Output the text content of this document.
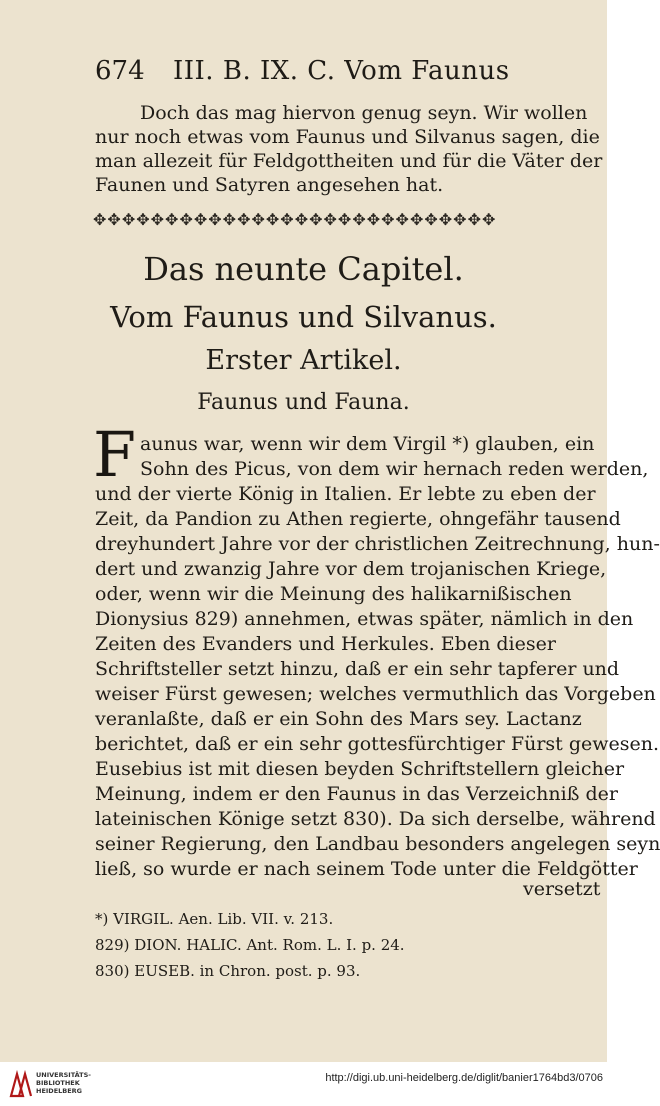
674 III. B. IX. C. Vom Faunus
Doch das mag hiervon genug seyn. Wir wollen
nur noch etwas vom Faunus und Silvanus sagen, die
man allezeit für Feldgottheiten und für die Väter der
Faunen und Satyren angesehen hat.
✥✥✥✥✥✥✥✥✥✥✥✥✥✥✥✥✥✥✥✥✥✥✥✥✥✥✥✥
Das neunte Capitel.
Vom Faunus und Silvanus.
Erster Artikel.
Faunus und Fauna.
F aunus war, wenn wir dem Virgil *) glauben, ein
Sohn des Picus, von dem wir hernach reden werden,
und der vierte König in Italien. Er lebte zu eben der
Zeit, da Pandion zu Athen regierte, ohngefähr tausend
dreyhundert Jahre vor der christlichen Zeitrechnung, hun-
dert und zwanzig Jahre vor dem trojanischen Kriege,
oder, wenn wir die Meinung des halikarnißischen
Dionysius 829) annehmen, etwas später, nämlich in den
Zeiten des Evanders und Herkules. Eben dieser
Schriftsteller setzt hinzu, daß er ein sehr tapferer und
weiser Fürst gewesen; welches vermuthlich das Vorgeben
veranlaßte, daß er ein Sohn des Mars sey. Lactanz
berichtet, daß er ein sehr gottesfürchtiger Fürst gewesen.
Eusebius ist mit diesen beyden Schriftstellern gleicher
Meinung, indem er den Faunus in das Verzeichniß der
lateinischen Könige setzt 830). Da sich derselbe, während
seiner Regierung, den Landbau besonders angelegen seyn
ließ, so wurde er nach seinem Tode unter die Feldgötter
versetzt
*) VIRGIL. Aen. Lib. VII. v. 213.
829) DION. HALIC. Ant. Rom. L. I. p. 24.
830) EUSEB. in Chron. post. p. 93.
UNIVERSITÄTS-
BIBLIOTHEK
HEIDELBERG
http://digi.ub.uni-heidelberg.de/diglit/banier1764bd3/0706
